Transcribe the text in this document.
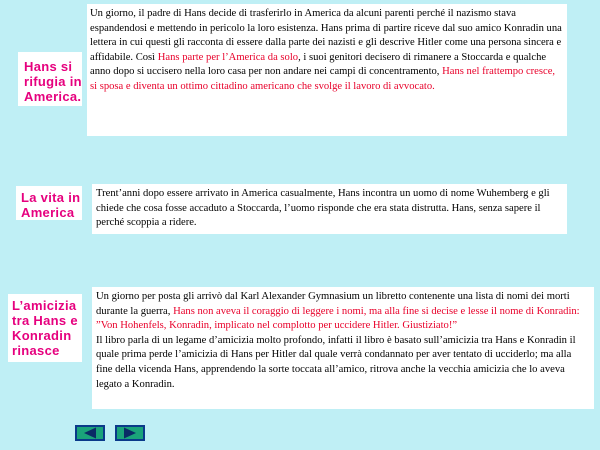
Hans si
rifugia in
America.

Un giorno, il padre di Hans decide di trasferirlo in America da alcuni parenti perché il nazismo stava espandendosi e mettendo in pericolo la loro esistenza. Hans prima di partire riceve dal suo amico Konradin una lettera in cui questi gli racconta di essere dalla parte dei nazisti e gli descrive Hitler come una persona sincera e affidabile. Così Hans parte per l’America da solo, i suoi genitori decisero di rimanere a Stoccarda e qualche anno dopo si uccisero nella loro casa per non andare nei campi di concentramento, Hans nel frattempo cresce, si sposa e diventa un ottimo cittadino americano che svolge il lavoro di avvocato.

La vita in
America

Trent’anni dopo essere arrivato in America casualmente, Hans incontra un uomo di nome Wuhemberg e gli chiede che cosa fosse accaduto a Stoccarda, l’uomo risponde che era stata distrutta. Hans, senza sapere il perché scoppia a ridere.

L’amicizia
tra Hans e
Konradin
rinasce

Un giorno per posta gli arrivò dal Karl Alexander Gymnasium un libretto contenente una lista di nomi dei morti durante la guerra, Hans non aveva il coraggio di leggere i nomi, ma alla fine si decise e lesse il nome di Konradin: ”Von Hohenfels, Konradin, implicato nel complotto per uccidere Hitler. Giustiziato!”
Il libro parla di un legame d’amicizia molto profondo, infatti il libro è basato sull’amicizia tra Hans e Konradin il quale prima perde l’amicizia di Hans per Hitler dal quale verrà condannato per aver tentato di ucciderlo; ma alla fine della vicenda Hans, apprendendo la sorte toccata all’amico, ritrova anche la vecchia amicizia che lo aveva legato a Konradin.
